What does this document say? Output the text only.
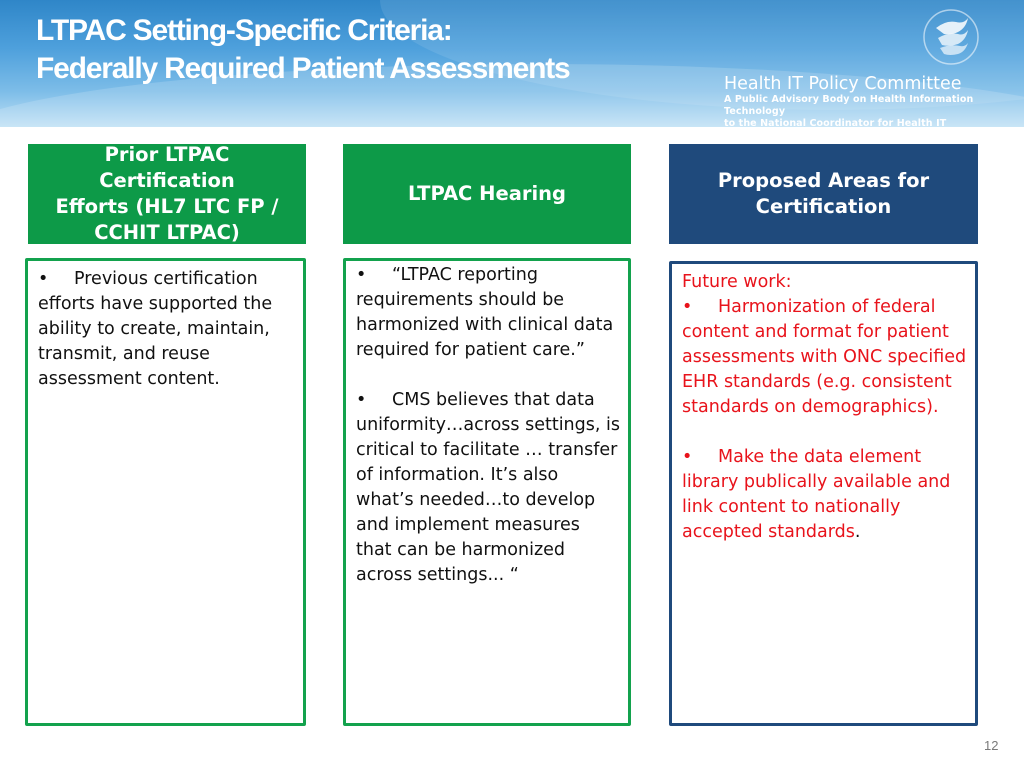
LTPAC Setting-Specific Criteria:
Federally Required Patient Assessments	Health IT Policy Committee
A Public Advisory Body on Health Information Technology
to the National Coordinator for Health IT
Prior LTPAC Certification
Efforts (HL7 LTC FP /
CCHIT LTPAC)
LTPAC Hearing
Proposed Areas for
Certification

• Previous certification efforts have supported the ability to create, maintain, transmit, and reuse assessment content.

• “LTPAC reporting requirements should be harmonized with clinical data required for patient care.”

• CMS believes that data uniformity…across settings, is critical to facilitate … transfer of information. It’s also what’s needed…to develop and implement measures that can be harmonized across settings... “

Future work:

• Harmonization of federal content and format for patient assessments with ONC specified EHR standards (e.g. consistent standards on demographics).

• Make the data element library publically available and link content to nationally accepted standards.

12
